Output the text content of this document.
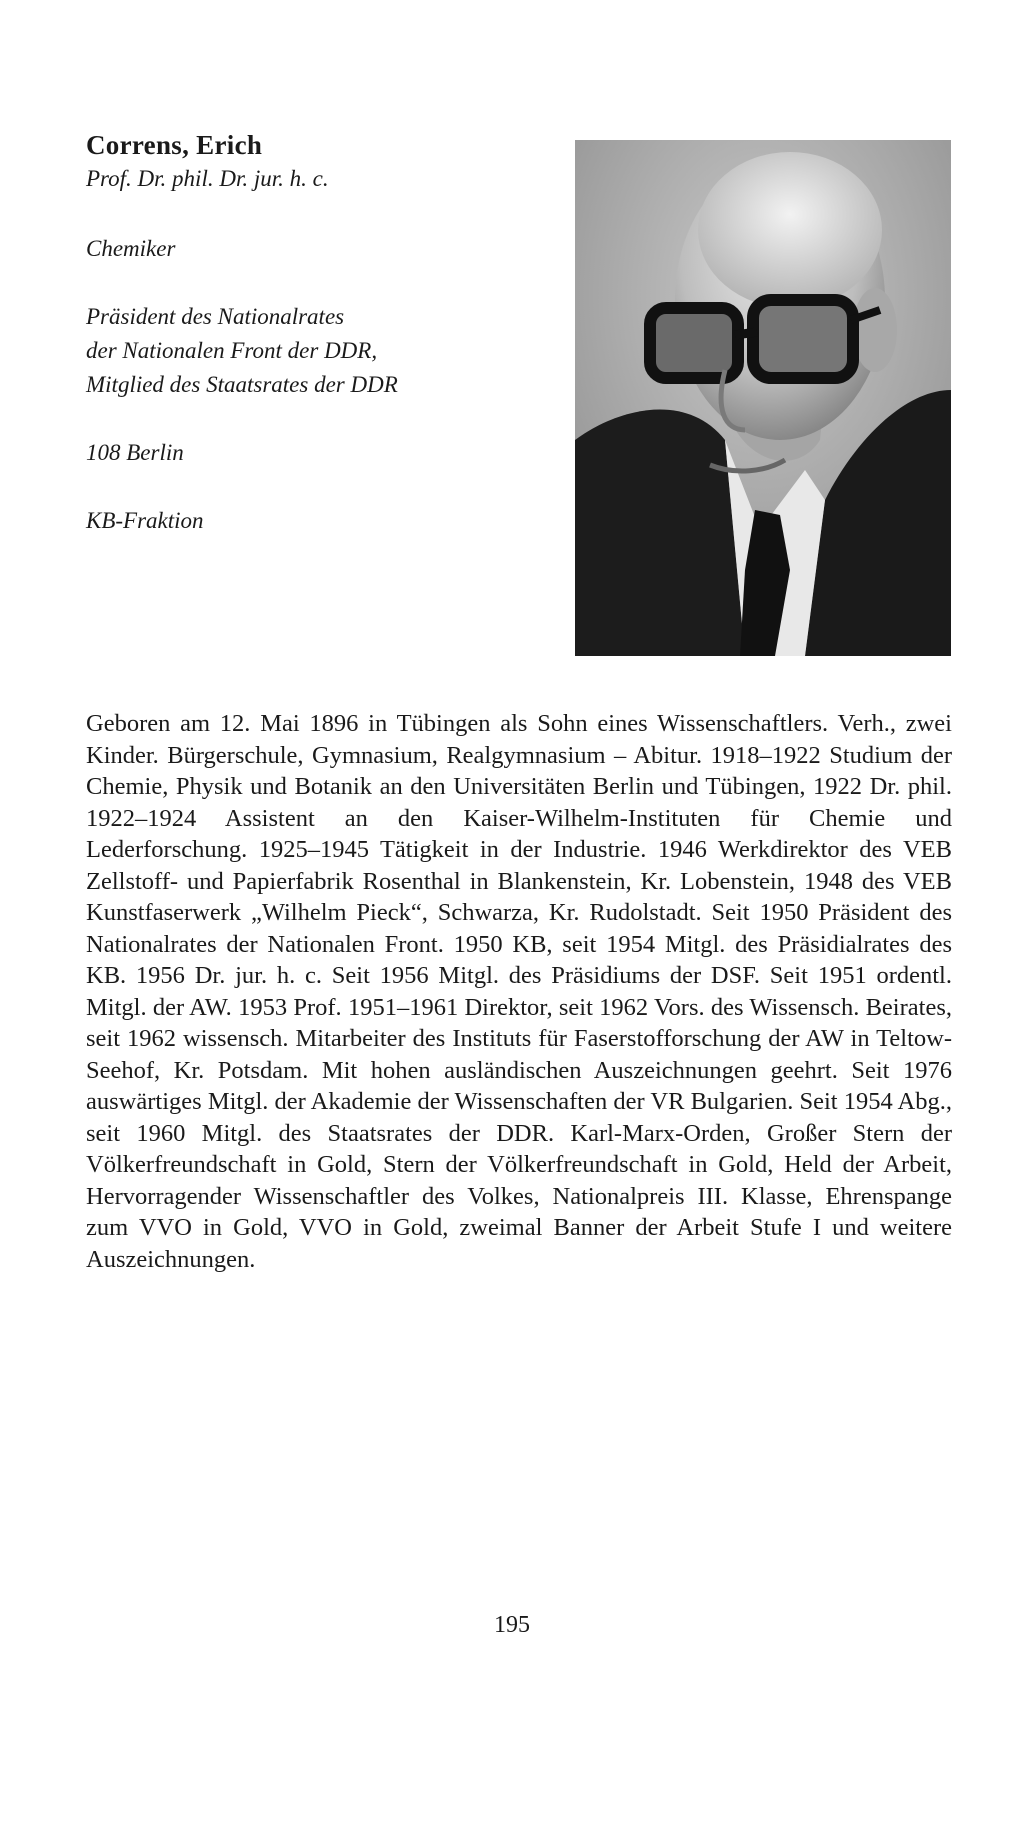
Correns, Erich

Prof. Dr. phil. Dr. jur. h. c.

Chemiker

Präsident des Nationalrates

der Nationalen Front der DDR,

Mitglied des Staatsrates der DDR

108 Berlin

KB-Fraktion

Geboren am 12. Mai 1896 in Tübingen als Sohn eines Wissenschaftlers. Verh., zwei Kinder. Bürgerschule, Gymnasium, Realgymnasium – Abitur. 1918–1922 Studium der Chemie, Physik und Botanik an den Universitäten Berlin und Tübingen, 1922 Dr. phil. 1922–1924 Assistent an den Kaiser-Wilhelm-Instituten für Chemie und Lederforschung. 1925–1945 Tätigkeit in der Industrie. 1946 Werkdirektor des VEB Zellstoff- und Papierfabrik Rosenthal in Blankenstein, Kr. Lobenstein, 1948 des VEB Kunstfaserwerk „Wilhelm Pieck“, Schwarza, Kr. Rudolstadt. Seit 1950 Präsident des Nationalrates der Nationalen Front. 1950 KB, seit 1954 Mitgl. des Präsidialrates des KB. 1956 Dr. jur. h. c. Seit 1956 Mitgl. des Präsidiums der DSF. Seit 1951 ordentl. Mitgl. der AW. 1953 Prof. 1951–1961 Direktor, seit 1962 Vors. des Wissensch. Beirates, seit 1962 wissensch. Mitarbeiter des Instituts für Faserstofforschung der AW in Teltow-Seehof, Kr. Potsdam. Mit hohen ausländischen Auszeichnungen geehrt. Seit 1976 auswärtiges Mitgl. der Akademie der Wissenschaften der VR Bulgarien. Seit 1954 Abg., seit 1960 Mitgl. des Staatsrates der DDR. Karl-Marx-Orden, Großer Stern der Völkerfreundschaft in Gold, Stern der Völkerfreundschaft in Gold, Held der Arbeit, Hervorragender Wissenschaftler des Volkes, Nationalpreis III. Klasse, Ehrenspange zum VVO in Gold, VVO in Gold, zweimal Banner der Arbeit Stufe I und weitere Auszeichnungen.

195
